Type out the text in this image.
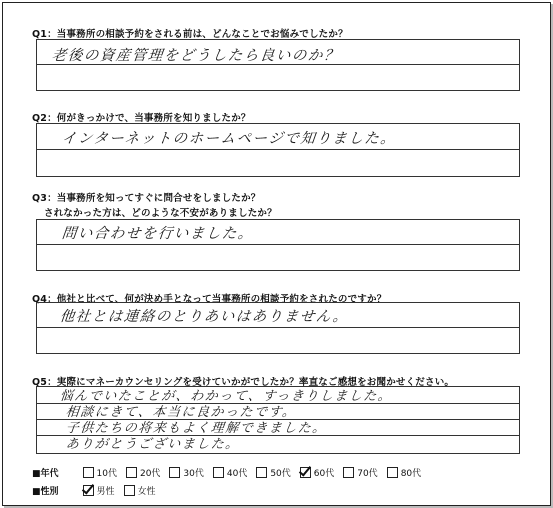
Q1：当事務所の相談予約をされる前は、どんなことでお悩みでしたか？
老後の資産管理をどうしたら良いのか？
Q2：何がきっかけで、当事務所を知りましたか？
インターネットのホームページで知りました。
Q3：当事務所を知ってすぐに問合せをしましたか？
されなかった方は、どのような不安がありましたか？
問い合わせを行いました。
Q4：他社と比べて、何が決め手となって当事務所の相談予約をされたのですか？
他社とは連絡のとりあいはありません。
Q5：実際にマネーカウンセリングを受けていかがでしたか？率直なご感想をお聞かせください。
悩んでいたことが、わかって、すっきりしました。
相談にきて、本当に良かったです。
子供たちの将来もよく理解できました。
ありがとうございました。
■年代	10代	20代	30代	40代	50代	60代	70代	80代
■性別	男性	女性
